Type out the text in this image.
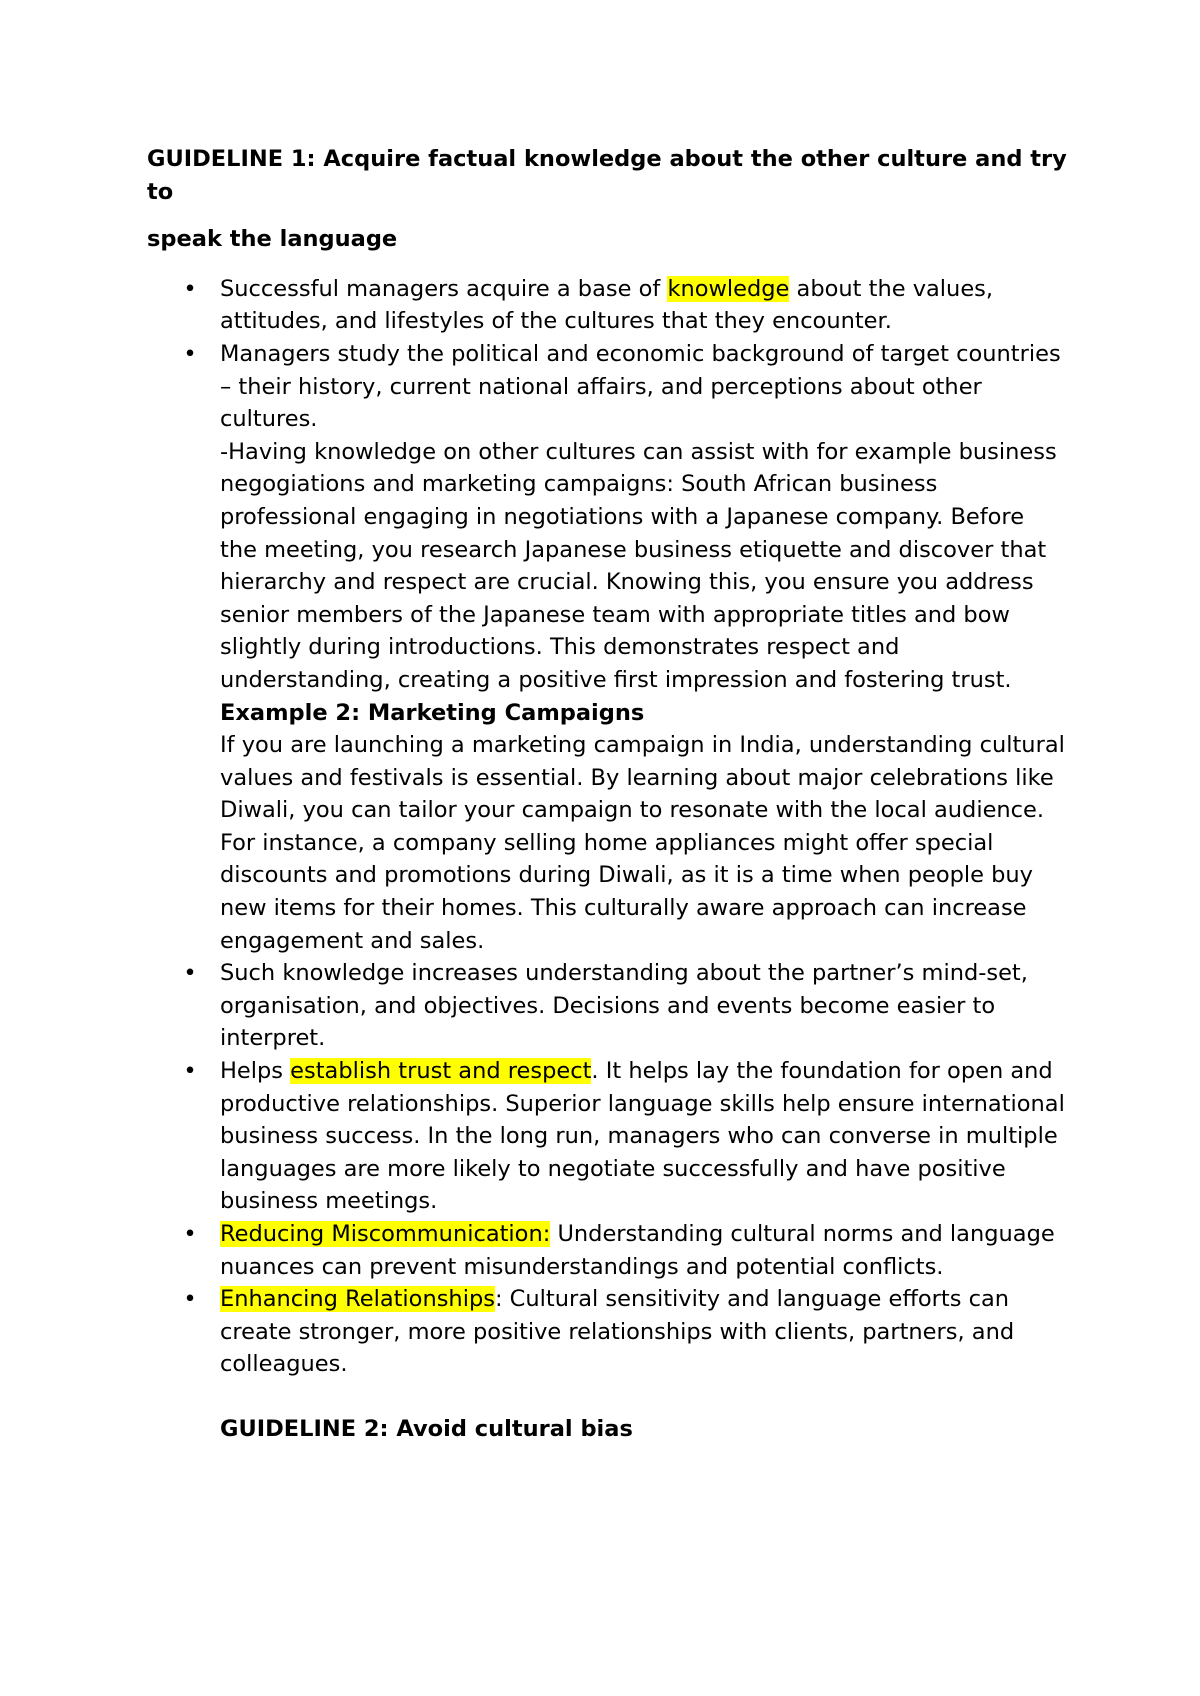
GUIDELINE 1: Acquire factual knowledge about the other culture and try to

speak the language

• Successful managers acquire a base of knowledge about the values, attitudes, and lifestyles of the cultures that they encounter.
• Managers study the political and economic background of target countries – their history, current national affairs, and perceptions about other cultures.
-Having knowledge on other cultures can assist with for example business negogiations and marketing campaigns: South African business professional engaging in negotiations with a Japanese company. Before the meeting, you research Japanese business etiquette and discover that hierarchy and respect are crucial. Knowing this, you ensure you address senior members of the Japanese team with appropriate titles and bow slightly during introductions. This demonstrates respect and understanding, creating a positive first impression and fostering trust.
Example 2: Marketing Campaigns
If you are launching a marketing campaign in India, understanding cultural values and festivals is essential. By learning about major celebrations like Diwali, you can tailor your campaign to resonate with the local audience. For instance, a company selling home appliances might offer special discounts and promotions during Diwali, as it is a time when people buy new items for their homes. This culturally aware approach can increase engagement and sales.
• Such knowledge increases understanding about the partner’s mind-set, organisation, and objectives. Decisions and events become easier to interpret.
• Helps establish trust and respect. It helps lay the foundation for open and productive relationships. Superior language skills help ensure international business success. In the long run, managers who can converse in multiple languages are more likely to negotiate successfully and have positive business meetings.
• Reducing Miscommunication: Understanding cultural norms and language nuances can prevent misunderstandings and potential conflicts.
• Enhancing Relationships: Cultural sensitivity and language efforts can create stronger, more positive relationships with clients, partners, and colleagues.

GUIDELINE 2: Avoid cultural bias
